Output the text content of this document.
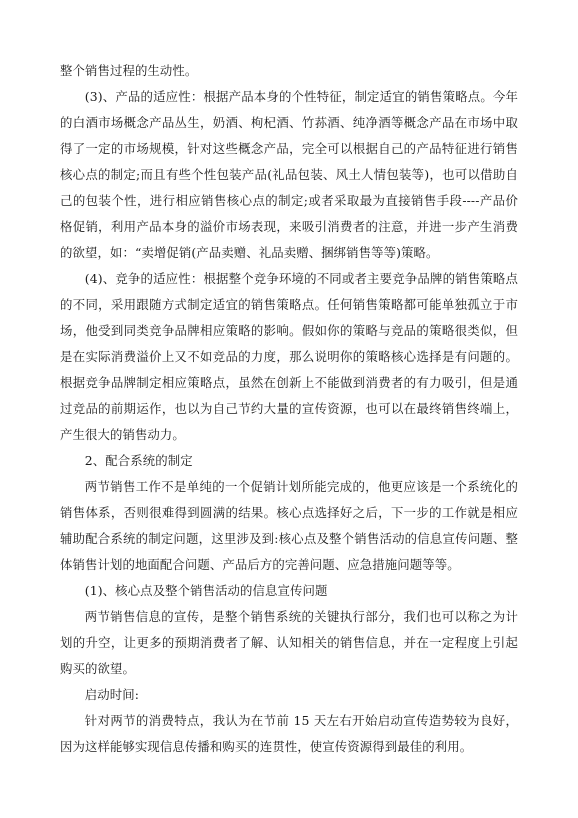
整个销售过程的生动性。

(3)、产品的适应性：根据产品本身的个性特征，制定适宜的销售策略点。今年的白酒市场概念产品丛生，奶酒、枸杞酒、竹荪酒、纯净酒等概念产品在市场中取得了一定的市场规模，针对这些概念产品，完全可以根据自己的产品特征进行销售核心点的制定;而且有些个性包装产品(礼品包装、风土人情包装等)，也可以借助自己的包装个性，进行相应销售核心点的制定;或者采取最为直接销售手段----产品价格促销，利用产品本身的溢价市场表现，来吸引消费者的注意，并进一步产生消费的欲望，如：“卖增促销(产品卖赠、礼品卖赠、捆绑销售等等)策略。

(4)、竞争的适应性：根据整个竞争环境的不同或者主要竞争品牌的销售策略点的不同，采用跟随方式制定适宜的销售策略点。任何销售策略都可能单独孤立于市场，他受到同类竞争品牌相应策略的影响。假如你的策略与竞品的策略很类似，但是在实际消费溢价上又不如竞品的力度，那么说明你的策略核心选择是有问题的。根据竞争品牌制定相应策略点，虽然在创新上不能做到消费者的有力吸引，但是通过竞品的前期运作，也以为自己节约大量的宣传资源，也可以在最终销售终端上，产生很大的销售动力。

2、配合系统的制定

两节销售工作不是单纯的一个促销计划所能完成的，他更应该是一个系统化的销售体系，否则很难得到圆满的结果。核心点选择好之后，下一步的工作就是相应辅助配合系统的制定问题，这里涉及到:核心点及整个销售活动的信息宣传问题、整体销售计划的地面配合问题、产品后方的完善问题、应急措施问题等等。

(1)、核心点及整个销售活动的信息宣传问题

两节销售信息的宣传，是整个销售系统的关键执行部分，我们也可以称之为计划的升空，让更多的预期消费者了解、认知相关的销售信息，并在一定程度上引起购买的欲望。

启动时间:

针对两节的消费特点，我认为在节前 15 天左右开始启动宣传造势较为良好，因为这样能够实现信息传播和购买的连贯性，使宣传资源得到最佳的利用。
